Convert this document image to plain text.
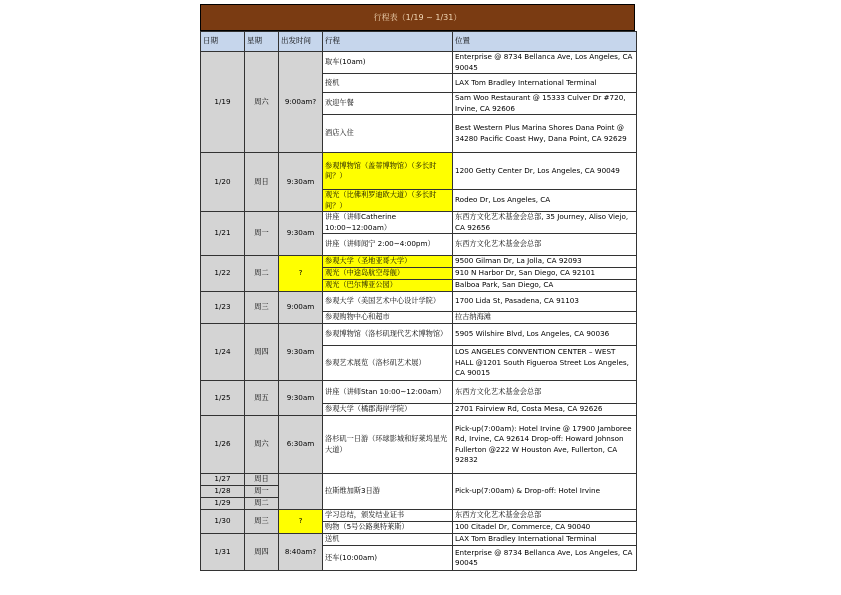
行程表（1/19 ~ 1/31）
日期	星期	出发时间	行程	位置
1/19	周六	9:00am?	取车(10am)	Enterprise @ 8734 Bellanca Ave, Los Angeles, CA 90045
			接机	LAX Tom Bradley International Terminal
			欢迎午餐	Sam Woo Restaurant @ 15333 Culver Dr #720, Irvine, CA 92606
			酒店入住	Best Western Plus Marina Shores Dana Point @ 34280 Pacific Coast Hwy, Dana Point, CA 92629
1/20	周日	9:30am	参观博物馆（盖蒂博物馆）（多长时间？）	1200 Getty Center Dr, Los Angeles, CA 90049
			观光（比佛利罗迪欧大道）（多长时间？）	Rodeo Dr, Los Angeles, CA
1/21	周一	9:30am	讲座（讲师Catherine 10:00~12:00am）	东西方文化艺术基金会总部, 35 Journey, Aliso Viejo, CA 92656
			讲座（讲师闻宁 2:00~4:00pm）	东西方文化艺术基金会总部
1/22	周二	?	参观大学（圣地亚哥大学）	9500 Gilman Dr, La Jolla, CA 92093
			观光（中途岛航空母舰）	910 N Harbor Dr, San Diego, CA 92101
			观光（巴尔博亚公园）	Balboa Park, San Diego, CA
1/23	周三	9:00am	参观大学（美国艺术中心设计学院）	1700 Lida St, Pasadena, CA 91103
			参观购物中心和超市	拉古纳海滩
1/24	周四	9:30am	参观博物馆（洛杉矶现代艺术博物馆）	5905 Wilshire Blvd, Los Angeles, CA 90036
			参观艺术展览（洛杉矶艺术展）	LOS ANGELES CONVENTION CENTER – WEST HALL @1201 South Figueroa Street Los Angeles, CA 90015
1/25	周五	9:30am	讲座（讲师Stan 10:00~12:00am）	东西方文化艺术基金会总部
			参观大学（橘郡海岸学院）	2701 Fairview Rd, Costa Mesa, CA 92626
1/26	周六	6:30am	洛杉矶一日游（环球影城和好莱坞星光大道）	Pick-up(7:00am): Hotel Irvine @ 17900 Jamboree Rd, Irvine, CA 92614 Drop-off: Howard Johnson Fullerton @222 W Houston Ave, Fullerton, CA 92832
1/27	周日		拉斯维加斯3日游	Pick-up(7:00am) & Drop-off: Hotel Irvine
1/28	周一			
1/29	周二			
1/30	周三	?	学习总结，颁发结业证书	东西方文化艺术基金会总部
			购物（5号公路奥特莱斯）	100 Citadel Dr, Commerce, CA 90040
1/31	周四	8:40am?	送机	LAX Tom Bradley International Terminal
			还车(10:00am)	Enterprise @ 8734 Bellanca Ave, Los Angeles, CA 90045
